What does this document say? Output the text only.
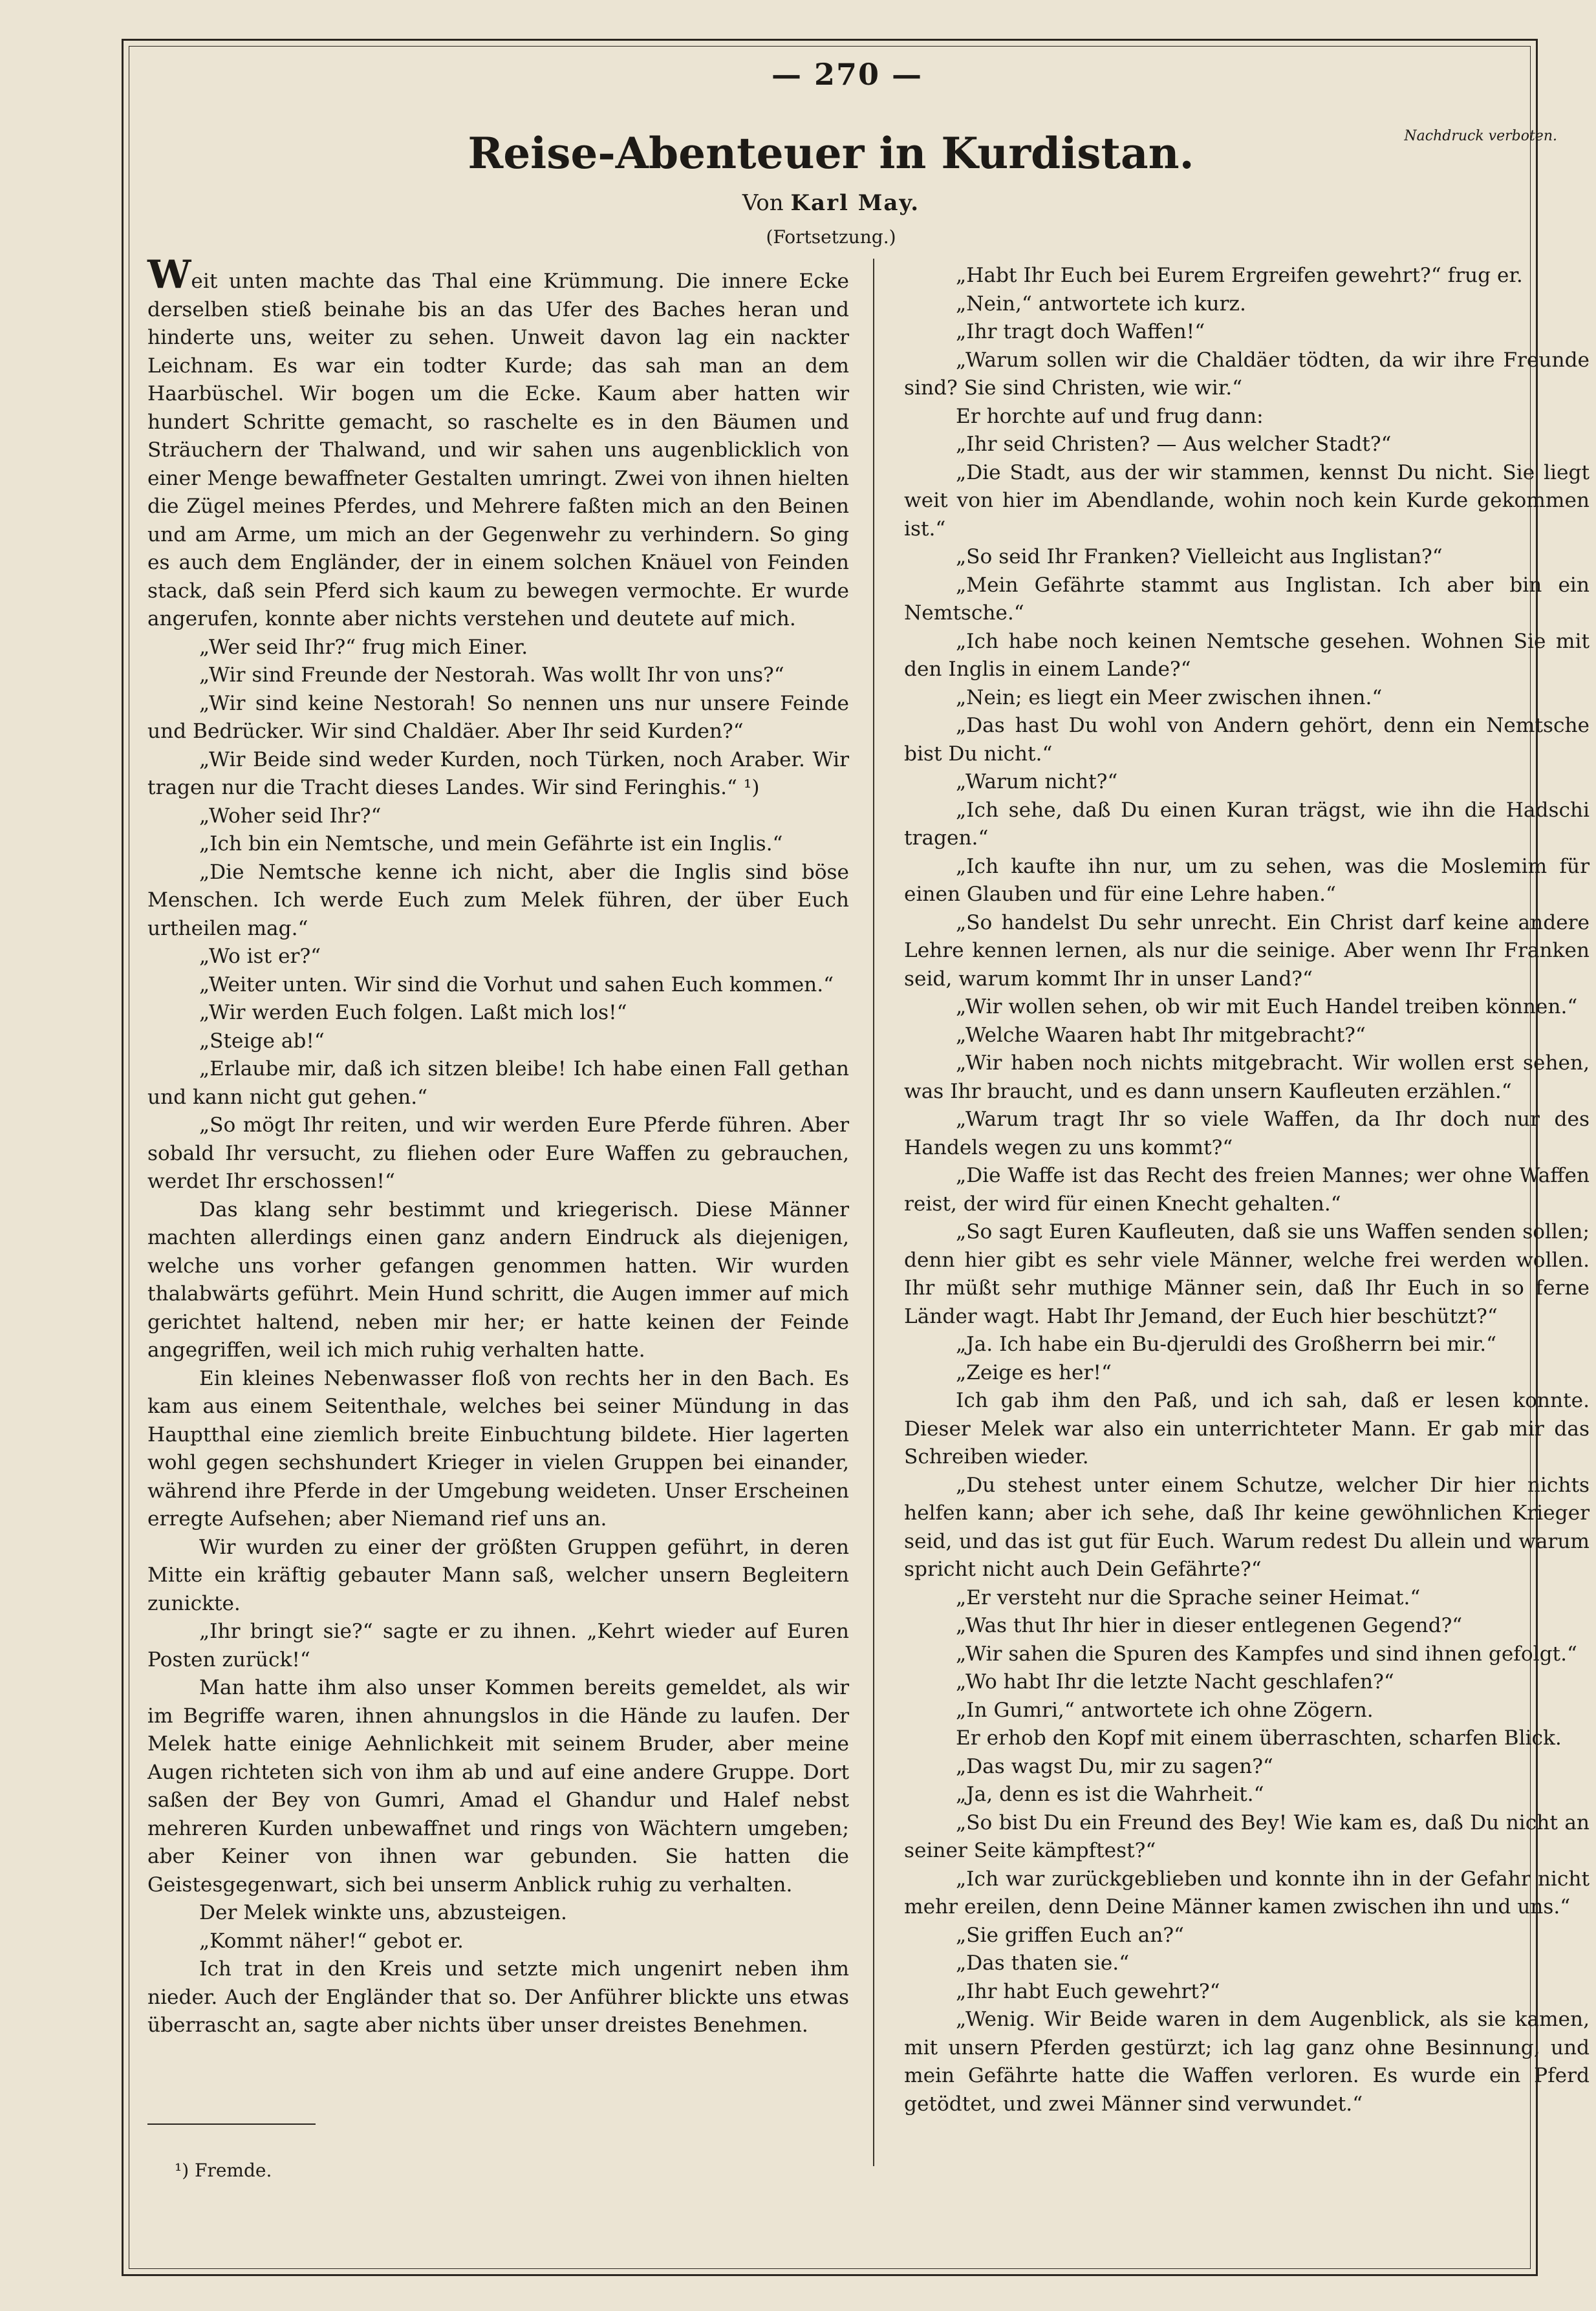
— 270 —
Nachdruck verboten.
Reise-Abenteuer in Kurdistan.
Von Karl May.
(Fortsetzung.)

Weit unten machte das Thal eine Krümmung. Die innere Ecke derselben stieß beinahe bis an das Ufer des Baches heran und hinderte uns, weiter zu sehen. Unweit davon lag ein nackter Leichnam. Es war ein todter Kurde; das sah man an dem Haarbüschel. Wir bogen um die Ecke. Kaum aber hatten wir hundert Schritte gemacht, so raschelte es in den Bäumen und Sträuchern der Thalwand, und wir sahen uns augenblicklich von einer Menge bewaffneter Gestalten umringt. Zwei von ihnen hielten die Zügel meines Pferdes, und Mehrere faßten mich an den Beinen und am Arme, um mich an der Gegenwehr zu verhindern. So ging es auch dem Engländer, der in einem solchen Knäuel von Feinden stack, daß sein Pferd sich kaum zu bewegen vermochte. Er wurde angerufen, konnte aber nichts verstehen und deutete auf mich.

„Wer seid Ihr?“ frug mich Einer.

„Wir sind Freunde der Nestorah. Was wollt Ihr von uns?“

„Wir sind keine Nestorah! So nennen uns nur unsere Feinde und Bedrücker. Wir sind Chaldäer. Aber Ihr seid Kurden?“

„Wir Beide sind weder Kurden, noch Türken, noch Araber. Wir tragen nur die Tracht dieses Landes. Wir sind Feringhis.“ ¹)

„Woher seid Ihr?“

„Ich bin ein Nemtsche, und mein Gefährte ist ein Inglis.“

„Die Nemtsche kenne ich nicht, aber die Inglis sind böse Menschen. Ich werde Euch zum Melek führen, der über Euch urtheilen mag.“

„Wo ist er?“

„Weiter unten. Wir sind die Vorhut und sahen Euch kommen.“

„Wir werden Euch folgen. Laßt mich los!“

„Steige ab!“

„Erlaube mir, daß ich sitzen bleibe! Ich habe einen Fall gethan und kann nicht gut gehen.“

„So mögt Ihr reiten, und wir werden Eure Pferde führen. Aber sobald Ihr versucht, zu fliehen oder Eure Waffen zu gebrauchen, werdet Ihr erschossen!“

Das klang sehr bestimmt und kriegerisch. Diese Männer machten allerdings einen ganz andern Eindruck als diejenigen, welche uns vorher gefangen genommen hatten. Wir wurden thalabwärts geführt. Mein Hund schritt, die Augen immer auf mich gerichtet haltend, neben mir her; er hatte keinen der Feinde angegriffen, weil ich mich ruhig verhalten hatte.

Ein kleines Nebenwasser floß von rechts her in den Bach. Es kam aus einem Seitenthale, welches bei seiner Mündung in das Hauptthal eine ziemlich breite Einbuchtung bildete. Hier lagerten wohl gegen sechshundert Krieger in vielen Gruppen bei einander, während ihre Pferde in der Umgebung weideten. Unser Erscheinen erregte Aufsehen; aber Niemand rief uns an.

Wir wurden zu einer der größten Gruppen geführt, in deren Mitte ein kräftig gebauter Mann saß, welcher unsern Begleitern zunickte.

„Ihr bringt sie?“ sagte er zu ihnen. „Kehrt wieder auf Euren Posten zurück!“

Man hatte ihm also unser Kommen bereits gemeldet, als wir im Begriffe waren, ihnen ahnungslos in die Hände zu laufen. Der Melek hatte einige Aehnlichkeit mit seinem Bruder, aber meine Augen richteten sich von ihm ab und auf eine andere Gruppe. Dort saßen der Bey von Gumri, Amad el Ghandur und Halef nebst mehreren Kurden unbewaffnet und rings von Wächtern umgeben; aber Keiner von ihnen war gebunden. Sie hatten die Geistesgegenwart, sich bei unserm Anblick ruhig zu verhalten.

Der Melek winkte uns, abzusteigen.

„Kommt näher!“ gebot er.

Ich trat in den Kreis und setzte mich ungenirt neben ihm nieder. Auch der Engländer that so. Der Anführer blickte uns etwas überrascht an, sagte aber nichts über unser dreistes Benehmen.

„Habt Ihr Euch bei Eurem Ergreifen gewehrt?“ frug er.

„Nein,“ antwortete ich kurz.

„Ihr tragt doch Waffen!“

„Warum sollen wir die Chaldäer tödten, da wir ihre Freunde sind? Sie sind Christen, wie wir.“

Er horchte auf und frug dann:

„Ihr seid Christen? — Aus welcher Stadt?“

„Die Stadt, aus der wir stammen, kennst Du nicht. Sie liegt weit von hier im Abendlande, wohin noch kein Kurde gekommen ist.“

„So seid Ihr Franken? Vielleicht aus Inglistan?“

„Mein Gefährte stammt aus Inglistan. Ich aber bin ein Nemtsche.“

„Ich habe noch keinen Nemtsche gesehen. Wohnen Sie mit den Inglis in einem Lande?“

„Nein; es liegt ein Meer zwischen ihnen.“

„Das hast Du wohl von Andern gehört, denn ein Nemtsche bist Du nicht.“

„Warum nicht?“

„Ich sehe, daß Du einen Kuran trägst, wie ihn die Hadschi tragen.“

„Ich kaufte ihn nur, um zu sehen, was die Moslemim für einen Glauben und für eine Lehre haben.“

„So handelst Du sehr unrecht. Ein Christ darf keine andere Lehre kennen lernen, als nur die seinige. Aber wenn Ihr Franken seid, warum kommt Ihr in unser Land?“

„Wir wollen sehen, ob wir mit Euch Handel treiben können.“

„Welche Waaren habt Ihr mitgebracht?“

„Wir haben noch nichts mitgebracht. Wir wollen erst sehen, was Ihr braucht, und es dann unsern Kaufleuten erzählen.“

„Warum tragt Ihr so viele Waffen, da Ihr doch nur des Handels wegen zu uns kommt?“

„Die Waffe ist das Recht des freien Mannes; wer ohne Waffen reist, der wird für einen Knecht gehalten.“

„So sagt Euren Kaufleuten, daß sie uns Waffen senden sollen; denn hier gibt es sehr viele Männer, welche frei werden wollen. Ihr müßt sehr muthige Männer sein, daß Ihr Euch in so ferne Länder wagt. Habt Ihr Jemand, der Euch hier beschützt?“

„Ja. Ich habe ein Bu-djeruldi des Großherrn bei mir.“

„Zeige es her!“

Ich gab ihm den Paß, und ich sah, daß er lesen konnte. Dieser Melek war also ein unterrichteter Mann. Er gab mir das Schreiben wieder.

„Du stehest unter einem Schutze, welcher Dir hier nichts helfen kann; aber ich sehe, daß Ihr keine gewöhnlichen Krieger seid, und das ist gut für Euch. Warum redest Du allein und warum spricht nicht auch Dein Gefährte?“

„Er versteht nur die Sprache seiner Heimat.“

„Was thut Ihr hier in dieser entlegenen Gegend?“

„Wir sahen die Spuren des Kampfes und sind ihnen gefolgt.“

„Wo habt Ihr die letzte Nacht geschlafen?“

„In Gumri,“ antwortete ich ohne Zögern.

Er erhob den Kopf mit einem überraschten, scharfen Blick.

„Das wagst Du, mir zu sagen?“

„Ja, denn es ist die Wahrheit.“

„So bist Du ein Freund des Bey! Wie kam es, daß Du nicht an seiner Seite kämpftest?“

„Ich war zurückgeblieben und konnte ihn in der Gefahr nicht mehr ereilen, denn Deine Männer kamen zwischen ihn und uns.“

„Sie griffen Euch an?“

„Das thaten sie.“

„Ihr habt Euch gewehrt?“

„Wenig. Wir Beide waren in dem Augenblick, als sie kamen, mit unsern Pferden gestürzt; ich lag ganz ohne Besinnung, und mein Gefährte hatte die Waffen verloren. Es wurde ein Pferd getödtet, und zwei Männer sind verwundet.“

¹) Fremde.
